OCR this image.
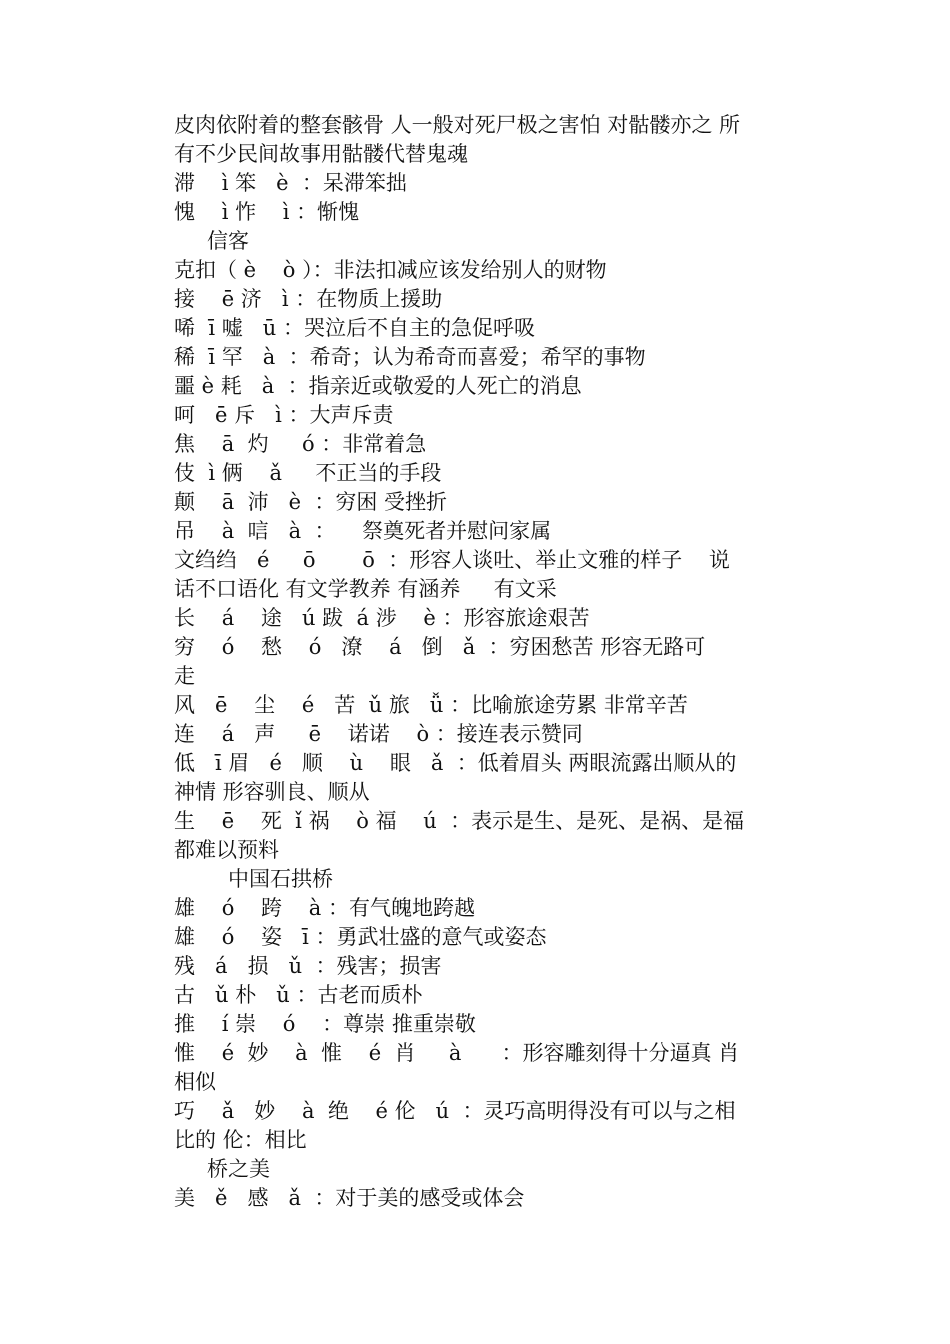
皮肉依附着的整套骸骨 人一般对死尸极之害怕 对骷髅亦之 所
有不少民间故事用骷髅代替鬼魂
滞    ì 笨   è  ：呆滞笨拙
愧    ì 怍    ì ：惭愧
信客
克扣（ è    ò ）：非法扣减应该发给别人的财物
接    ē 济   ì ：在物质上援助
唏  ī 嘘   ū ：哭泣后不自主的急促呼吸
稀  ī 罕   à  ：希奇；认为希奇而喜爱；希罕的事物
噩 è 耗   à  ：指亲近或敬爱的人死亡的消息
呵   ē 斥   ì ：大声斥责
焦    ā  灼     ó ：非常着急
伎  ì 俩    ǎ     不正当的手段
颠    ā  沛   è  ：穷困 受挫折
吊    à  唁   à  ：    祭奠死者并慰问家属
文绉绉   é     ō       ō  ：形容人谈吐、举止文雅的样子    说
话不口语化 有文学教养 有涵养     有文采
长    á    途   ú 跋  á 涉    è ：形容旅途艰苦
穷    ó    愁    ó   潦    á   倒   ǎ  ：穷困愁苦 形容无路可
走
风   ē    尘    é   苦  ǔ 旅   ǚ ：比喻旅途劳累 非常辛苦
连    á   声     ē    诺诺    ò ：接连表示赞同
低   ī 眉   é   顺    ù    眼   ǎ  ：低着眉头 两眼流露出顺从的
神情 形容驯良、顺从
生    ē    死  ǐ 祸    ò 福    ú  ：表示是生、是死、是祸、是福
都难以预料
中国石拱桥
雄    ó    跨    à ：有气魄地跨越
雄    ó    姿   ī ：勇武壮盛的意气或姿态
残   á   损   ǔ  ：残害；损害
古   ǔ 朴   ǔ ：古老而质朴
推    í 崇    ó    ：尊崇 推重崇敬
惟    é  妙    à  惟    é  肖     à      ：形容雕刻得十分逼真 肖
相似
巧    ǎ   妙    à  绝    é 伦   ú  ：灵巧高明得没有可以与之相
比的 伦：相比
桥之美
美   ě   感   ǎ  ：对于美的感受或体会
